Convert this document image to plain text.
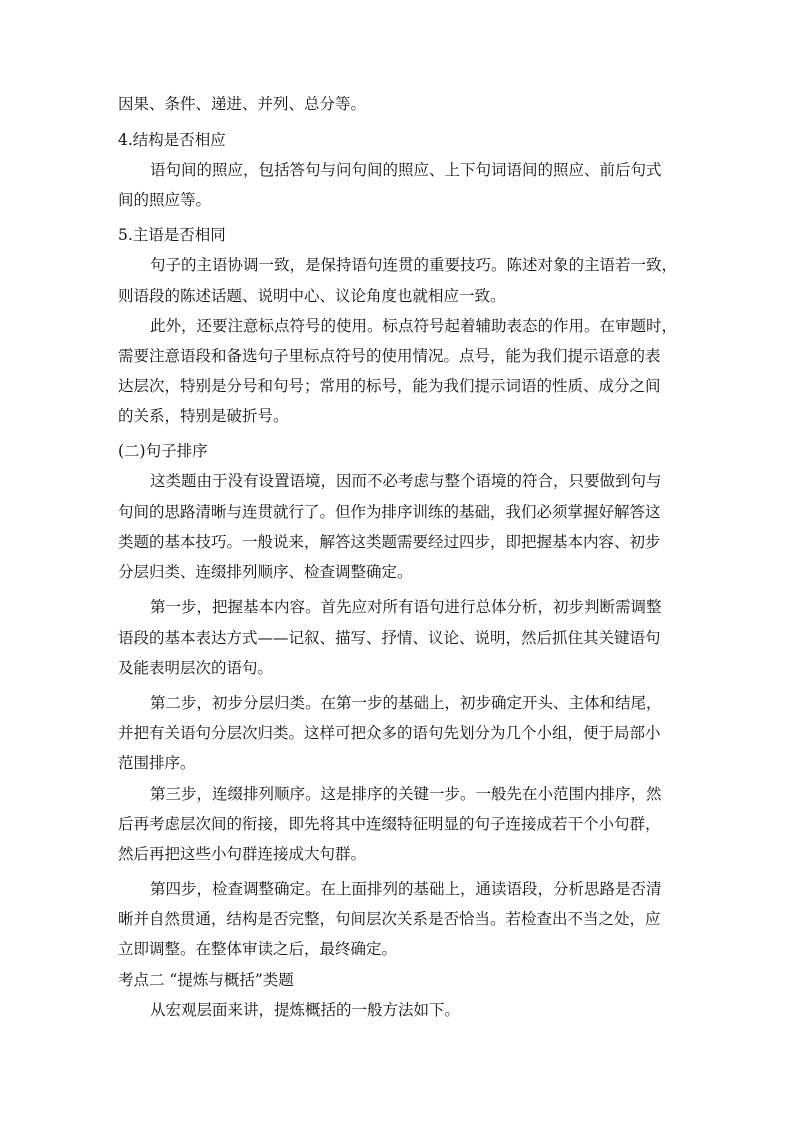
因果、条件、递进、并列、总分等。
4.结构是否相应
语句间的照应，包括答句与问句间的照应、上下句词语间的照应、前后句式
间的照应等。
5.主语是否相同
句子的主语协调一致，是保持语句连贯的重要技巧。陈述对象的主语若一致，
则语段的陈述话题、说明中心、议论角度也就相应一致。
此外，还要注意标点符号的使用。标点符号起着辅助表态的作用。在审题时，
需要注意语段和备选句子里标点符号的使用情况。点号，能为我们提示语意的表
达层次，特别是分号和句号；常用的标号，能为我们提示词语的性质、成分之间
的关系，特别是破折号。
(二)句子排序
这类题由于没有设置语境，因而不必考虑与整个语境的符合，只要做到句与
句间的思路清晰与连贯就行了。但作为排序训练的基础，我们必须掌握好解答这
类题的基本技巧。一般说来，解答这类题需要经过四步，即把握基本内容、初步
分层归类、连缀排列顺序、检查调整确定。
第一步，把握基本内容。首先应对所有语句进行总体分析，初步判断需调整
语段的基本表达方式——记叙、描写、抒情、议论、说明，然后抓住其关键语句
及能表明层次的语句。
第二步，初步分层归类。在第一步的基础上，初步确定开头、主体和结尾，
并把有关语句分层次归类。这样可把众多的语句先划分为几个小组，便于局部小
范围排序。
第三步，连缀排列顺序。这是排序的关键一步。一般先在小范围内排序，然
后再考虑层次间的衔接，即先将其中连缀特征明显的句子连接成若干个小句群，
然后再把这些小句群连接成大句群。
第四步，检查调整确定。在上面排列的基础上，通读语段，分析思路是否清
晰并自然贯通，结构是否完整，句间层次关系是否恰当。若检查出不当之处，应
立即调整。在整体审读之后，最终确定。
考点二 “提炼与概括”类题
从宏观层面来讲，提炼概括的一般方法如下。
